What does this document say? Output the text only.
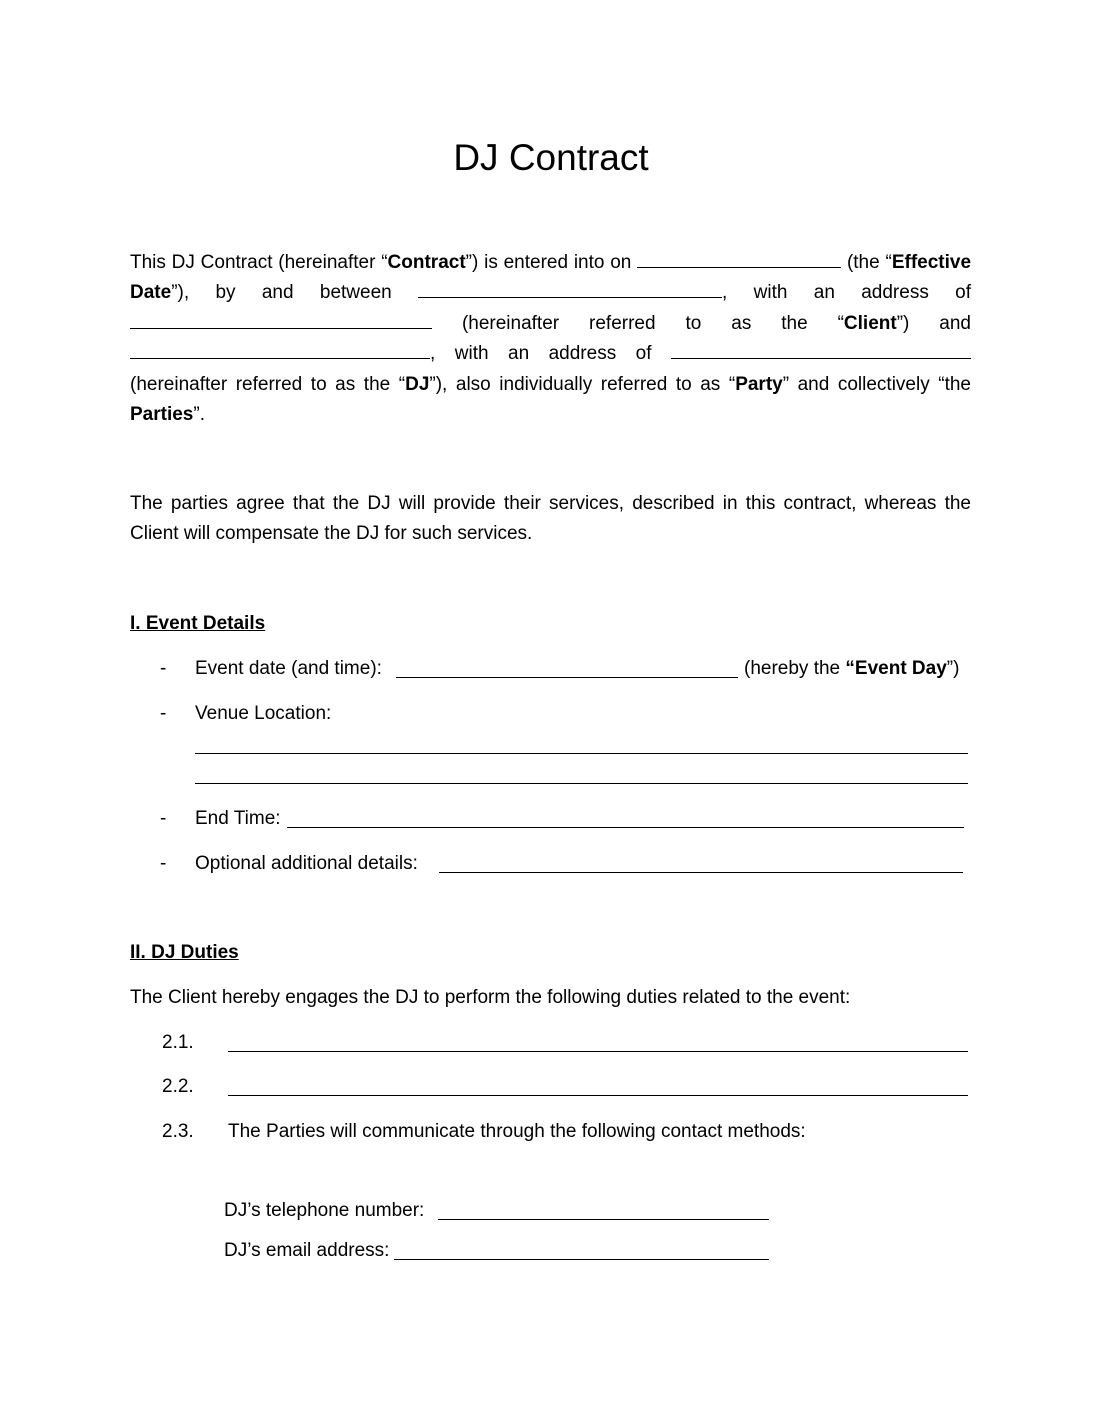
DJ Contract
This DJ Contract (hereinafter “Contract”) is entered into on	(the “Effective Date”), by and between	, with an address of  (hereinafter referred to as the “Client”) and , with an address of  (hereinafter referred to as the “DJ”), also individually referred to as “Party” and collectively “the Parties”.
The parties agree that the DJ will provide their services, described in this contract, whereas the Client will compensate the DJ for such services.
I. Event Details
- Event date (and time):	(hereby the “Event Day”)
- Venue Location:
- End Time:
- Optional additional details:
II. DJ Duties
The Client hereby engages the DJ to perform the following duties related to the event:
2.1.
2.2.
2.3. The Parties will communicate through the following contact methods:
DJ’s telephone number:
DJ’s email address:
